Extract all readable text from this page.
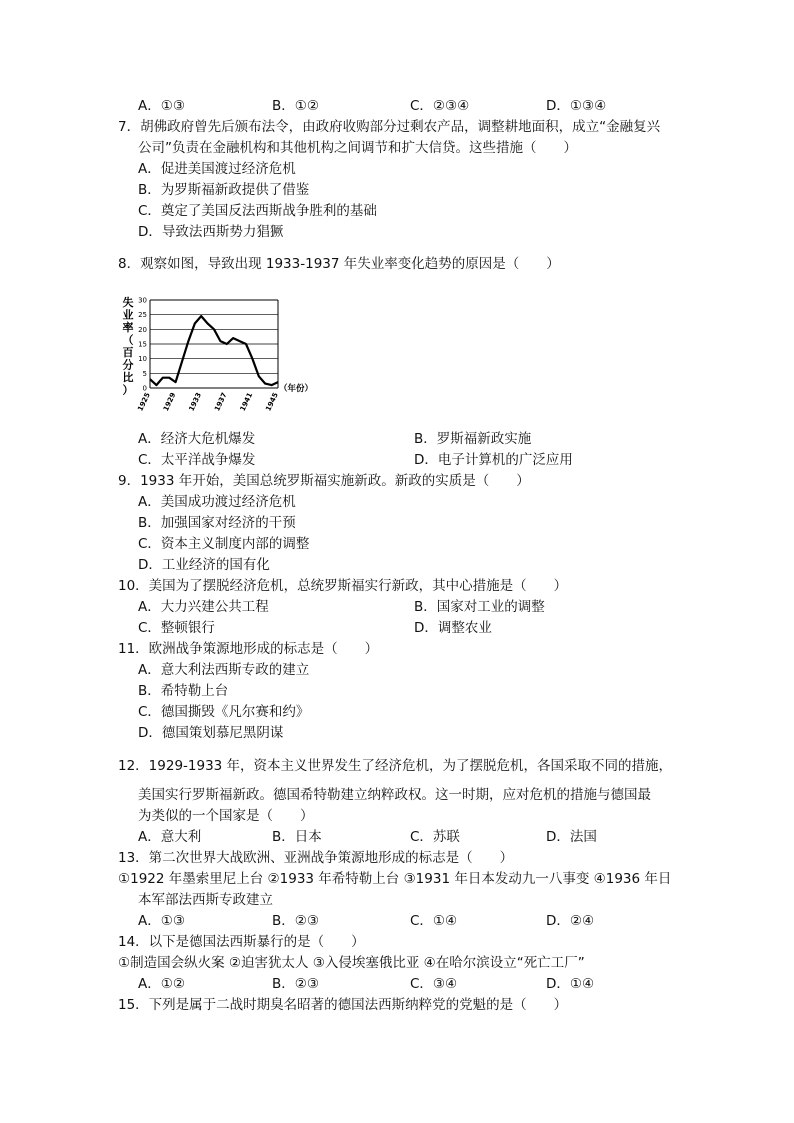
A．①③	B．①②	C．②③④	D．①③④
7．胡佛政府曾先后颁布法令，由政府收购部分过剩农产品，调整耕地面积，成立“金融复兴
公司”负责在金融机构和其他机构之间调节和扩大信贷。这些措施（　　）
A．促进美国渡过经济危机
B．为罗斯福新政提供了借鉴
C．奠定了美国反法西斯战争胜利的基础
D．导致法西斯势力猖獗
8．观察如图，导致出现 1933-1937 年失业率变化趋势的原因是（　　）
失
业
率
（
百
分
比
） 0
5
10
15
20
25
30
1925 1929 1933 1937 1941 1945
（年份）
A．经济大危机爆发	B．罗斯福新政实施
C．太平洋战争爆发	D．电子计算机的广泛应用
9．1933 年开始，美国总统罗斯福实施新政。新政的实质是（　　）
A．美国成功渡过经济危机
B．加强国家对经济的干预
C．资本主义制度内部的调整
D．工业经济的国有化
10．美国为了摆脱经济危机，总统罗斯福实行新政，其中心措施是（　　）
A．大力兴建公共工程	B．国家对工业的调整
C．整顿银行	D．调整农业
11．欧洲战争策源地形成的标志是（　　）
A．意大利法西斯专政的建立
B．希特勒上台
C．德国撕毁《凡尔赛和约》
D．德国策划慕尼黑阴谋
12．1929-1933 年，资本主义世界发生了经济危机，为了摆脱危机，各国采取不同的措施，
美国实行罗斯福新政。德国希特勒建立纳粹政权。这一时期，应对危机的措施与德国最
为类似的一个国家是（　　）
A．意大利	B．日本	C．苏联	D．法国
13．第二次世界大战欧洲、亚洲战争策源地形成的标志是（　　）
①1922 年墨索里尼上台 ②1933 年希特勒上台 ③1931 年日本发动九一八事变 ④1936 年日
本军部法西斯专政建立
A．①③	B．②③	C．①④	D．②④
14．以下是德国法西斯暴行的是（　　）
①制造国会纵火案 ②迫害犹太人 ③入侵埃塞俄比亚 ④在哈尔滨设立“死亡工厂”
A．①②	B．②③	C．③④	D．①④
15．下列是属于二战时期臭名昭著的德国法西斯纳粹党的党魁的是（　　）
